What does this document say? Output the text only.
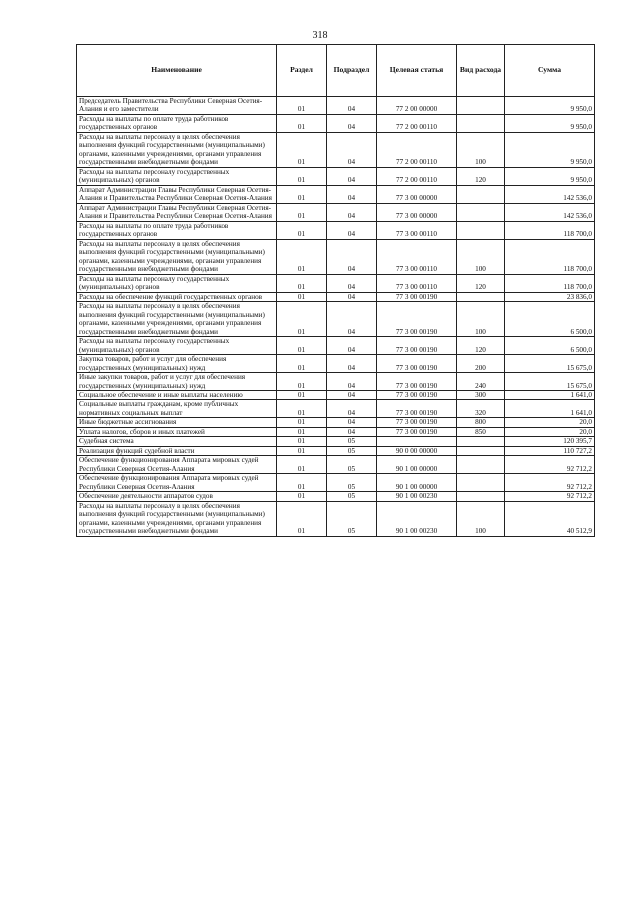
318
Наименование	Раздел	Подраздел	Целевая статья	Вид расхода	Сумма
Председатель Правительства Республики Северная Осетия-Алания и его заместители	01	04	77 2 00 00000		9 950,0
Расходы на выплаты по оплате труда работников государственных органов	01	04	77 2 00 00110		9 950,0
Расходы на выплаты персоналу в целях обеспечения выполнения функций государственными (муниципальными) органами, казенными учреждениями, органами управления государственными внебюджетными фондами	01	04	77 2 00 00110	100	9 950,0
Расходы на выплаты персоналу государственных (муниципальных) органов	01	04	77 2 00 00110	120	9 950,0
Аппарат Администрации Главы Республики Северная Осетия-Алания и Правительства Республики Северная Осетия-Алания	01	04	77 3 00 00000		142 536,0
Аппарат Администрации Главы Республики Северная Осетия-Алания и Правительства Республики Северная Осетия-Алания	01	04	77 3 00 00000		142 536,0
Расходы на выплаты по оплате труда работников государственных органов	01	04	77 3 00 00110		118 700,0
Расходы на выплаты персоналу в целях обеспечения выполнения функций государственными (муниципальными) органами, казенными учреждениями, органами управления государственными внебюджетными фондами	01	04	77 3 00 00110	100	118 700,0
Расходы на выплаты персоналу государственных (муниципальных) органов	01	04	77 3 00 00110	120	118 700,0
Расходы на обеспечение функций государственных органов	01	04	77 3 00 00190		23 836,0
Расходы на выплаты персоналу в целях обеспечения выполнения функций государственными (муниципальными) органами, казенными учреждениями, органами управления государственными внебюджетными фондами	01	04	77 3 00 00190	100	6 500,0
Расходы на выплаты персоналу государственных (муниципальных) органов	01	04	77 3 00 00190	120	6 500,0
Закупка товаров, работ и услуг для обеспечения государственных (муниципальных) нужд	01	04	77 3 00 00190	200	15 675,0
Иные закупки товаров, работ и услуг для обеспечения государственных (муниципальных) нужд	01	04	77 3 00 00190	240	15 675,0
Социальное обеспечение и иные выплаты населению	01	04	77 3 00 00190	300	1 641,0
Социальные выплаты гражданам, кроме публичных нормативных социальных выплат	01	04	77 3 00 00190	320	1 641,0
Иные бюджетные ассигнования	01	04	77 3 00 00190	800	20,0
Уплата налогов, сборов и иных платежей	01	04	77 3 00 00190	850	20,0
Судебная система	01	05			120 395,7
Реализация функций судебной власти	01	05	90 0 00 00000		110 727,2
Обеспечение функционирования Аппарата мировых судей Республики Северная Осетия-Алания	01	05	90 1 00 00000		92 712,2
Обеспечение функционирования Аппарата мировых судей Республики Северная Осетия-Алания	01	05	90 1 00 00000		92 712,2
Обеспечение деятельности аппаратов судов	01	05	90 1 00 00230		92 712,2
Расходы на выплаты персоналу в целях обеспечения выполнения функций государственными (муниципальными) органами, казенными учреждениями, органами управления государственными внебюджетными фондами	01	05	90 1 00 00230	100	40 512,9
